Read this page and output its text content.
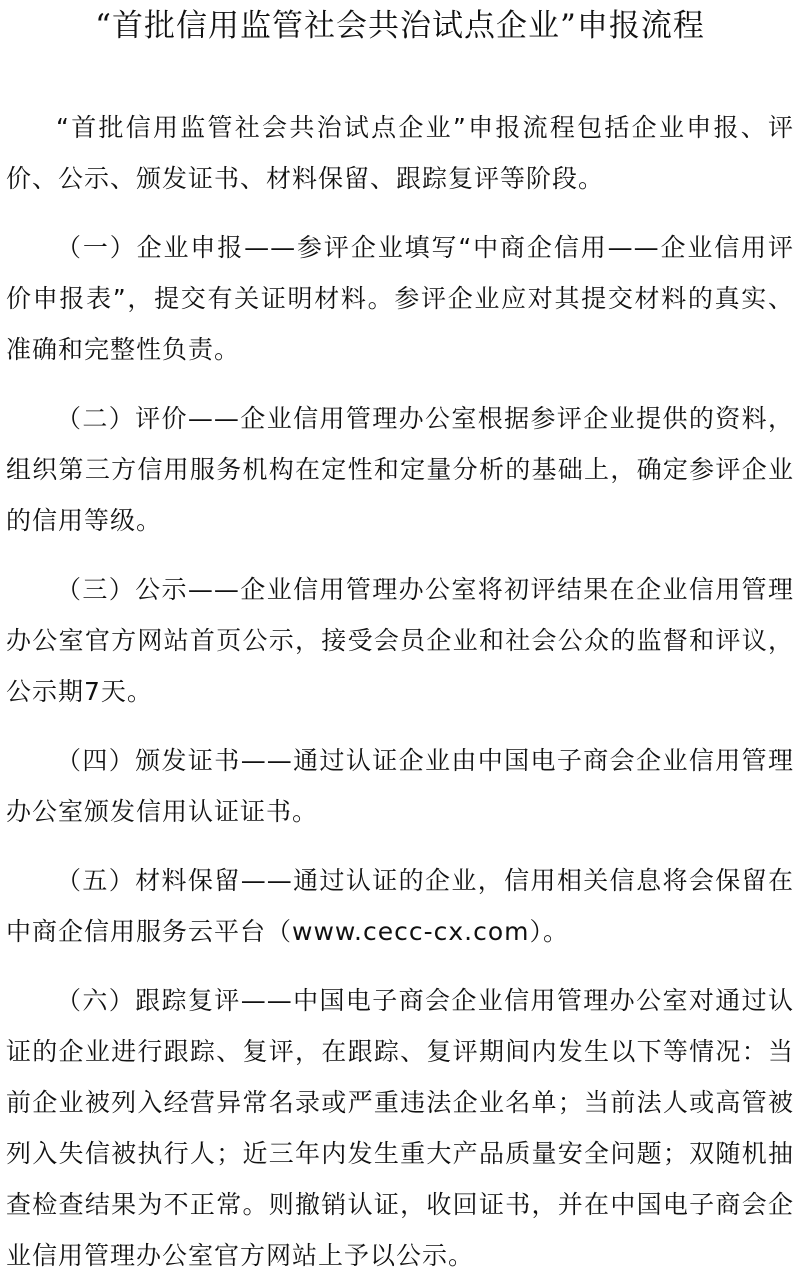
“首批信用监管社会共治试点企业”申报流程

“首批信用监管社会共治试点企业”申报流程包括企业申报、评价、公示、颁发证书、材料保留、跟踪复评等阶段。

（一）企业申报——参评企业填写“中商企信用——企业信用评价申报表”，提交有关证明材料。参评企业应对其提交材料的真实、准确和完整性负责。

（二）评价——企业信用管理办公室根据参评企业提供的资料，组织第三方信用服务机构在定性和定量分析的基础上，确定参评企业的信用等级。

（三）公示——企业信用管理办公室将初评结果在企业信用管理办公室官方网站首页公示，接受会员企业和社会公众的监督和评议，公示期7天。

（四）颁发证书——通过认证企业由中国电子商会企业信用管理办公室颁发信用认证证书。

（五）材料保留——通过认证的企业，信用相关信息将会保留在中商企信用服务云平台（www.cecc-cx.com）。

（六）跟踪复评——中国电子商会企业信用管理办公室对通过认证的企业进行跟踪、复评，在跟踪、复评期间内发生以下等情况：当前企业被列入经营异常名录或严重违法企业名单；当前法人或高管被列入失信被执行人；近三年内发生重大产品质量安全问题；双随机抽查检查结果为不正常。则撤销认证，收回证书，并在中国电子商会企业信用管理办公室官方网站上予以公示。
